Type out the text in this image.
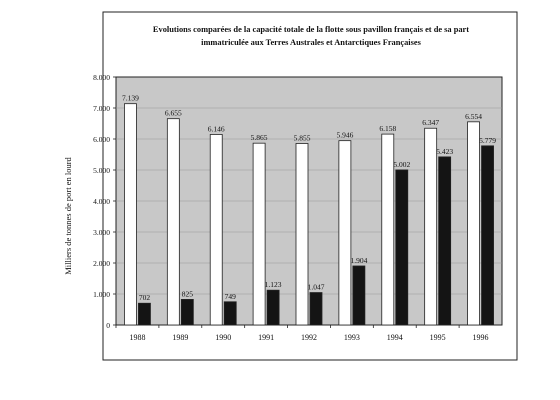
Evolutions comparées de la capacité totale de la flotte sous pavillon français et de sa part
immatriculée aux Terres Australes et Antarctiques Françaises
0
1.000
2.000
3.000
4.000
5.000
6.000
7.000
8.000
7.139
702
6.655
825
6.146
749
5.865
1.123
5.855
1.047
5.946
1.904
6.158
5.002
6.347
5.423
6.554
5.779
1988	1989	1990	1991	1992	1993	1994	1995	1996
Milliers de tonnes de port en lourd
